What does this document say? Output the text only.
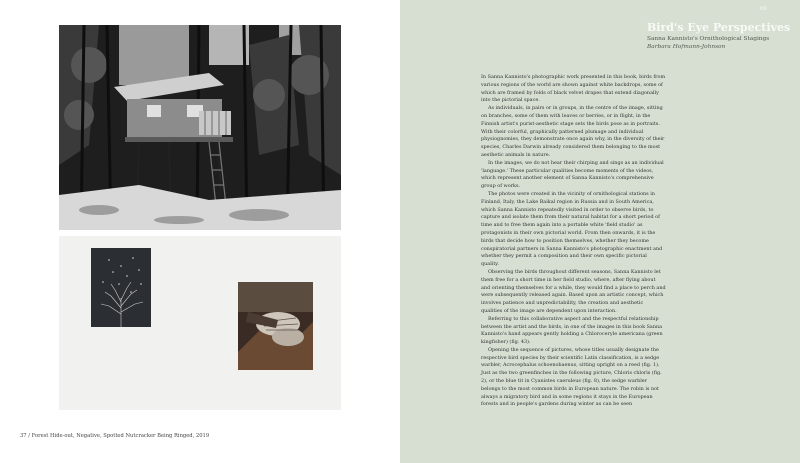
37 / Forest Hide-out, Negative, Spotted Nutcracker Being Ringed, 2019
69
Bird's Eye Perspectives

Sanna Kannisto's Ornithological Stagings

Barbara Hofmann-Johnson

In Sanna Kannisto's photographic work presented in this book, birds from various regions of the world are shown against white backdrops, some of which are framed by folds of black velvet drapes that extend diagonally into the pictorial space.

As individuals, in pairs or in groups, in the centre of the image, sitting on branches, some of them with leaves or berries, or in flight, in the Finnish artist's purist-aesthetic stage sets the birds pose as in portraits. With their colorful, graphically patterned plumage and individual physiognomies, they demonstrate once again why, in the diversity of their species, Charles Darwin already considered them belonging to the most aesthetic animals in nature.

In the images, we do not hear their chirping and sings as an individual 'language.' These particular qualities become moments of the videos, which represent another element of Sanna Kannisto's comprehensive group of works.

The photos were created in the vicinity of ornithological stations in Finland, Italy, the Lake Baikal region in Russia and in South America, which Sanna Kannisto repeatedly visited in order to observe birds, to capture and isolate them from their natural habitat for a short period of time and to free them again into a portable white 'field studio' as protagonists in their own pictorial world. From then onwards, it is the birds that decide how to position themselves, whether they become conspiratorial partners in Sanna Kannisto's photographic enactment and whether they permit a composition and their own specific pictorial quality.

Observing the birds throughout different seasons, Sanna Kannisto let them free for a short time in her field studio, where, after flying about and orienting themselves for a while, they would find a place to perch and were subsequently released again. Based upon an artistic concept, which involves patience and unpredictability, the creation and aesthetic qualities of the image are dependent upon interaction.

Referring to this collaborative aspect and the respectful relationship between the artist and the birds, in one of the images in this book Sanna Kannisto's hand appears gently holding a Chloroceryle americana (green kingfisher) (fig. 43).

Opening the sequence of pictures, whose titles usually designate the respective bird species by their scientific Latin classification, is a sedge warbler, Acrocephalus schoenobaenus, sitting upright on a reed (fig. 1). Just as the two greenfinches in the following picture, Chloris chloris (fig. 2), or the blue tit in Cyanistes caeruleus (fig. 8), the sedge warbler belongs to the most common birds in European nature. The robin is not always a migratory bird and in some regions it stays in the European forests and in people's gardens during winter as can be seen
